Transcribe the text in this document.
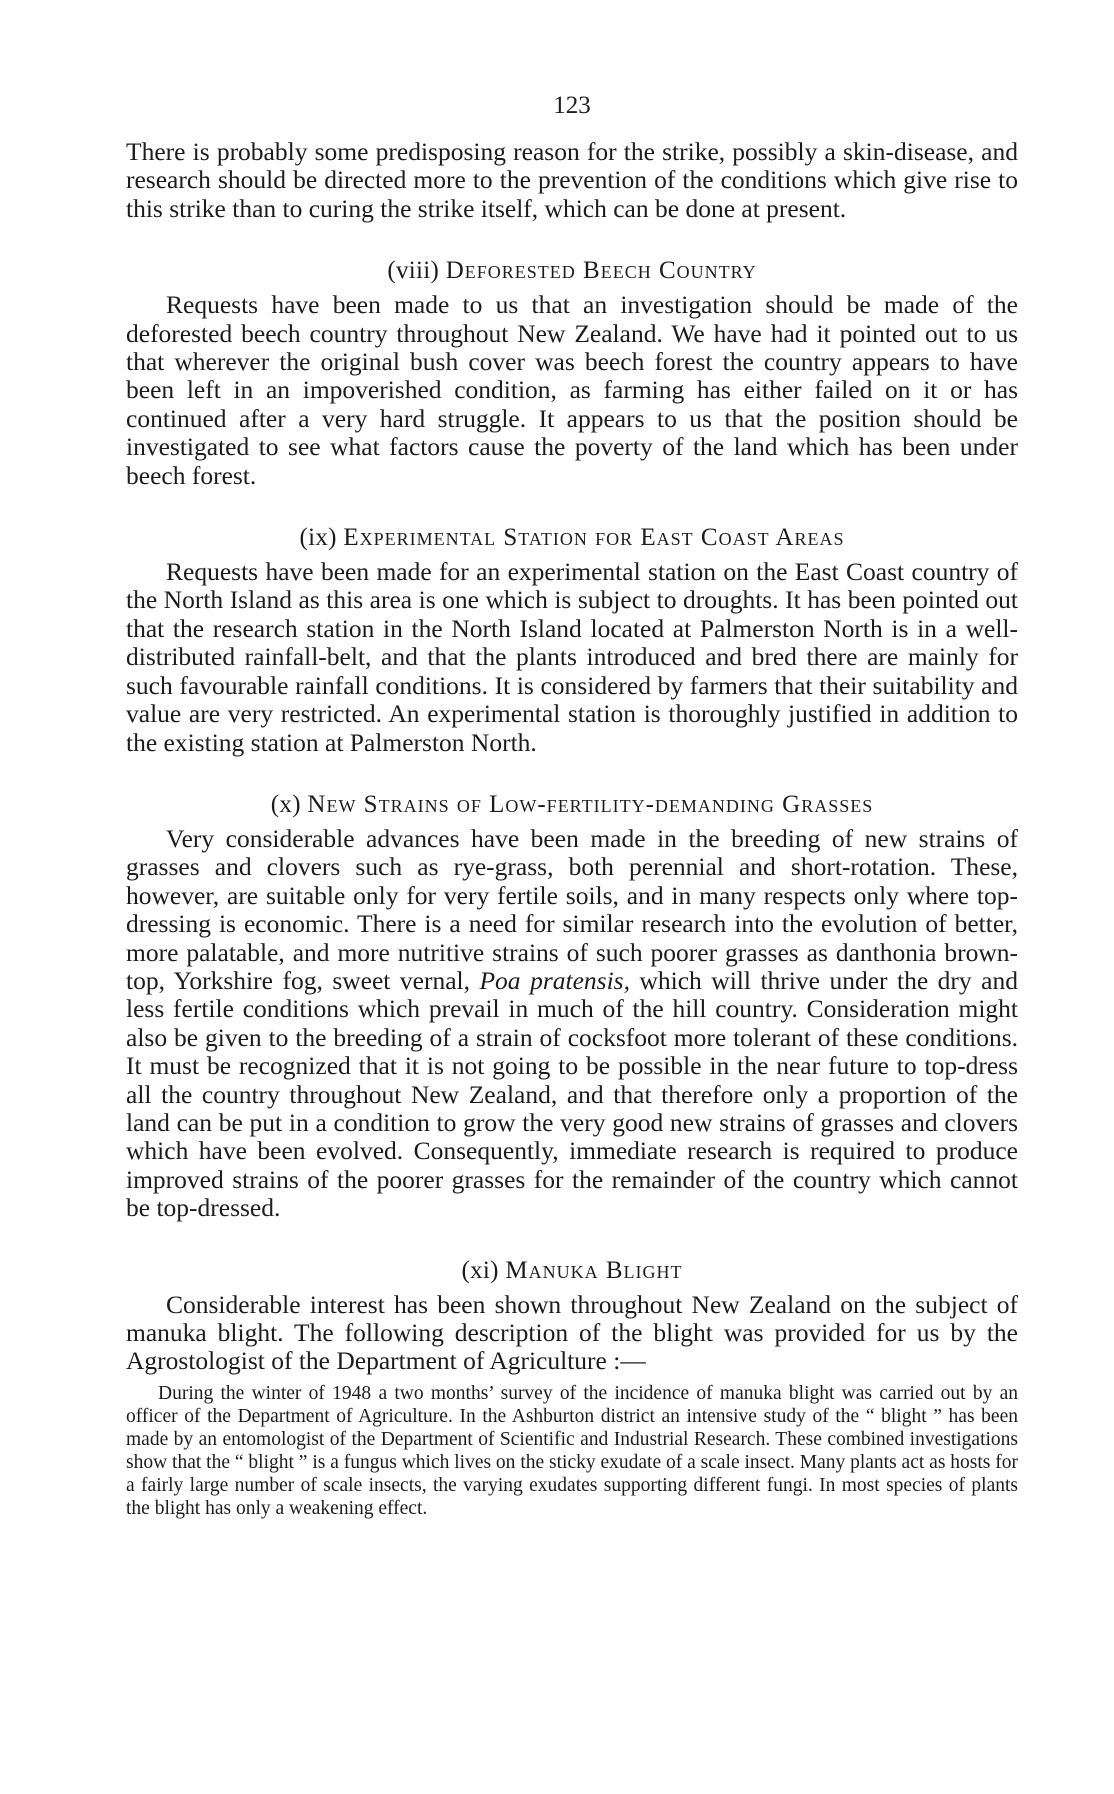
123

There is probably some predisposing reason for the strike, possibly a skin-disease, and research should be directed more to the prevention of the conditions which give rise to this strike than to curing the strike itself, which can be done at present.

(viii) Deforested Beech Country

Requests have been made to us that an investigation should be made of the deforested beech country throughout New Zealand. We have had it pointed out to us that wherever the original bush cover was beech forest the country appears to have been left in an impoverished condition, as farming has either failed on it or has continued after a very hard struggle. It appears to us that the position should be investigated to see what factors cause the poverty of the land which has been under beech forest.

(ix) Experimental Station for East Coast Areas

Requests have been made for an experimental station on the East Coast country of the North Island as this area is one which is subject to droughts. It has been pointed out that the research station in the North Island located at Palmerston North is in a well-distributed rainfall-belt, and that the plants introduced and bred there are mainly for such favourable rainfall conditions. It is considered by farmers that their suitability and value are very restricted. An experimental station is thoroughly justified in addition to the existing station at Palmerston North.

(x) New Strains of Low-fertility-demanding Grasses

Very considerable advances have been made in the breeding of new strains of grasses and clovers such as rye-grass, both perennial and short-rotation. These, however, are suitable only for very fertile soils, and in many respects only where top-dressing is economic. There is a need for similar research into the evolution of better, more palatable, and more nutritive strains of such poorer grasses as danthonia brown-top, Yorkshire fog, sweet vernal, Poa pratensis, which will thrive under the dry and less fertile conditions which prevail in much of the hill country. Consideration might also be given to the breeding of a strain of cocksfoot more tolerant of these conditions. It must be recognized that it is not going to be possible in the near future to top-dress all the country throughout New Zealand, and that therefore only a proportion of the land can be put in a condition to grow the very good new strains of grasses and clovers which have been evolved. Consequently, immediate research is required to produce improved strains of the poorer grasses for the remainder of the country which cannot be top-dressed.

(xi) Manuka Blight

Considerable interest has been shown throughout New Zealand on the subject of manuka blight. The following description of the blight was provided for us by the Agrostologist of the Department of Agriculture :—

During the winter of 1948 a two months’ survey of the incidence of manuka blight was carried out by an officer of the Department of Agriculture. In the Ashburton district an intensive study of the “ blight ” has been made by an entomologist of the Department of Scientific and Industrial Research. These combined investigations show that the “ blight ” is a fungus which lives on the sticky exudate of a scale insect. Many plants act as hosts for a fairly large number of scale insects, the varying exudates supporting different fungi. In most species of plants the blight has only a weakening effect.
